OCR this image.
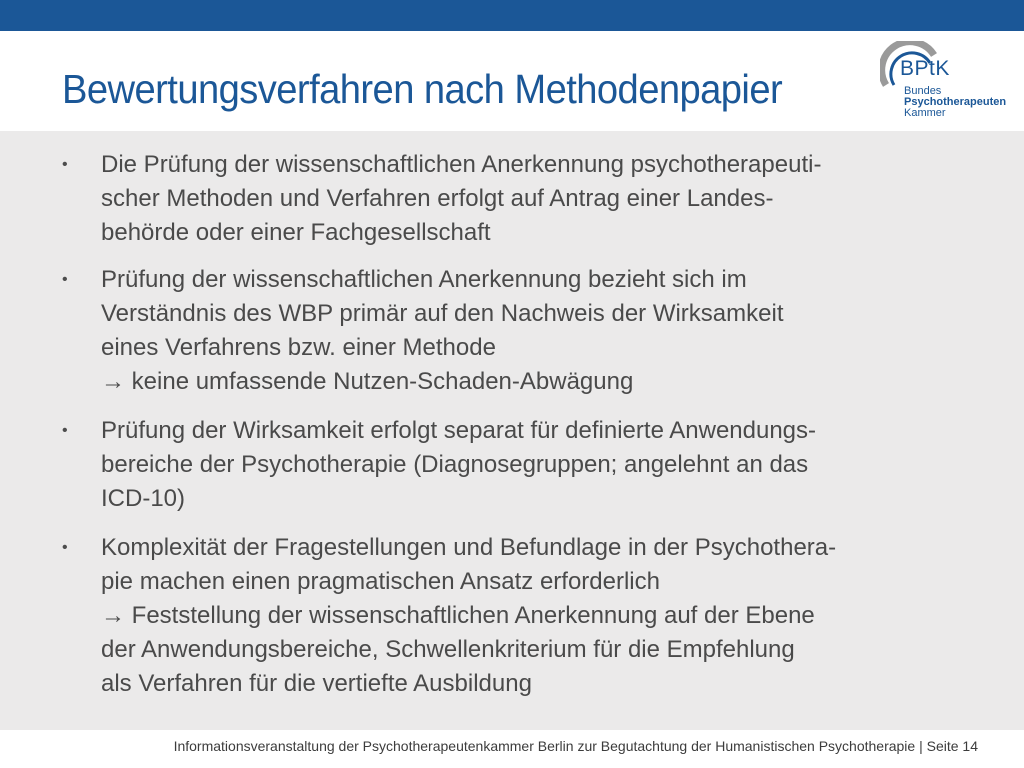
Bewertungsverfahren nach Methodenpapier	BPtK
Bundes
Psychotherapeuten
Kammer
• Die Prüfung der wissenschaftlichen Anerkennung psychotherapeuti-
scher Methoden und Verfahren erfolgt auf Antrag einer Landes-
behörde oder einer Fachgesellschaft

• Prüfung der wissenschaftlichen Anerkennung bezieht sich im
Verständnis des WBP primär auf den Nachweis der Wirksamkeit
eines Verfahrens bzw. einer Methode
→ keine umfassende Nutzen-Schaden-Abwägung

• Prüfung der Wirksamkeit erfolgt separat für definierte Anwendungs-
bereiche der Psychotherapie (Diagnosegruppen; angelehnt an das
ICD-10)

• Komplexität der Fragestellungen und Befundlage in der Psychothera-
pie machen einen pragmatischen Ansatz erforderlich
→ Feststellung der wissenschaftlichen Anerkennung auf der Ebene
der Anwendungsbereiche, Schwellenkriterium für die Empfehlung
als Verfahren für die vertiefte Ausbildung

Informationsveranstaltung der Psychotherapeutenkammer Berlin zur Begutachtung der Humanistischen Psychotherapie | Seite 14
